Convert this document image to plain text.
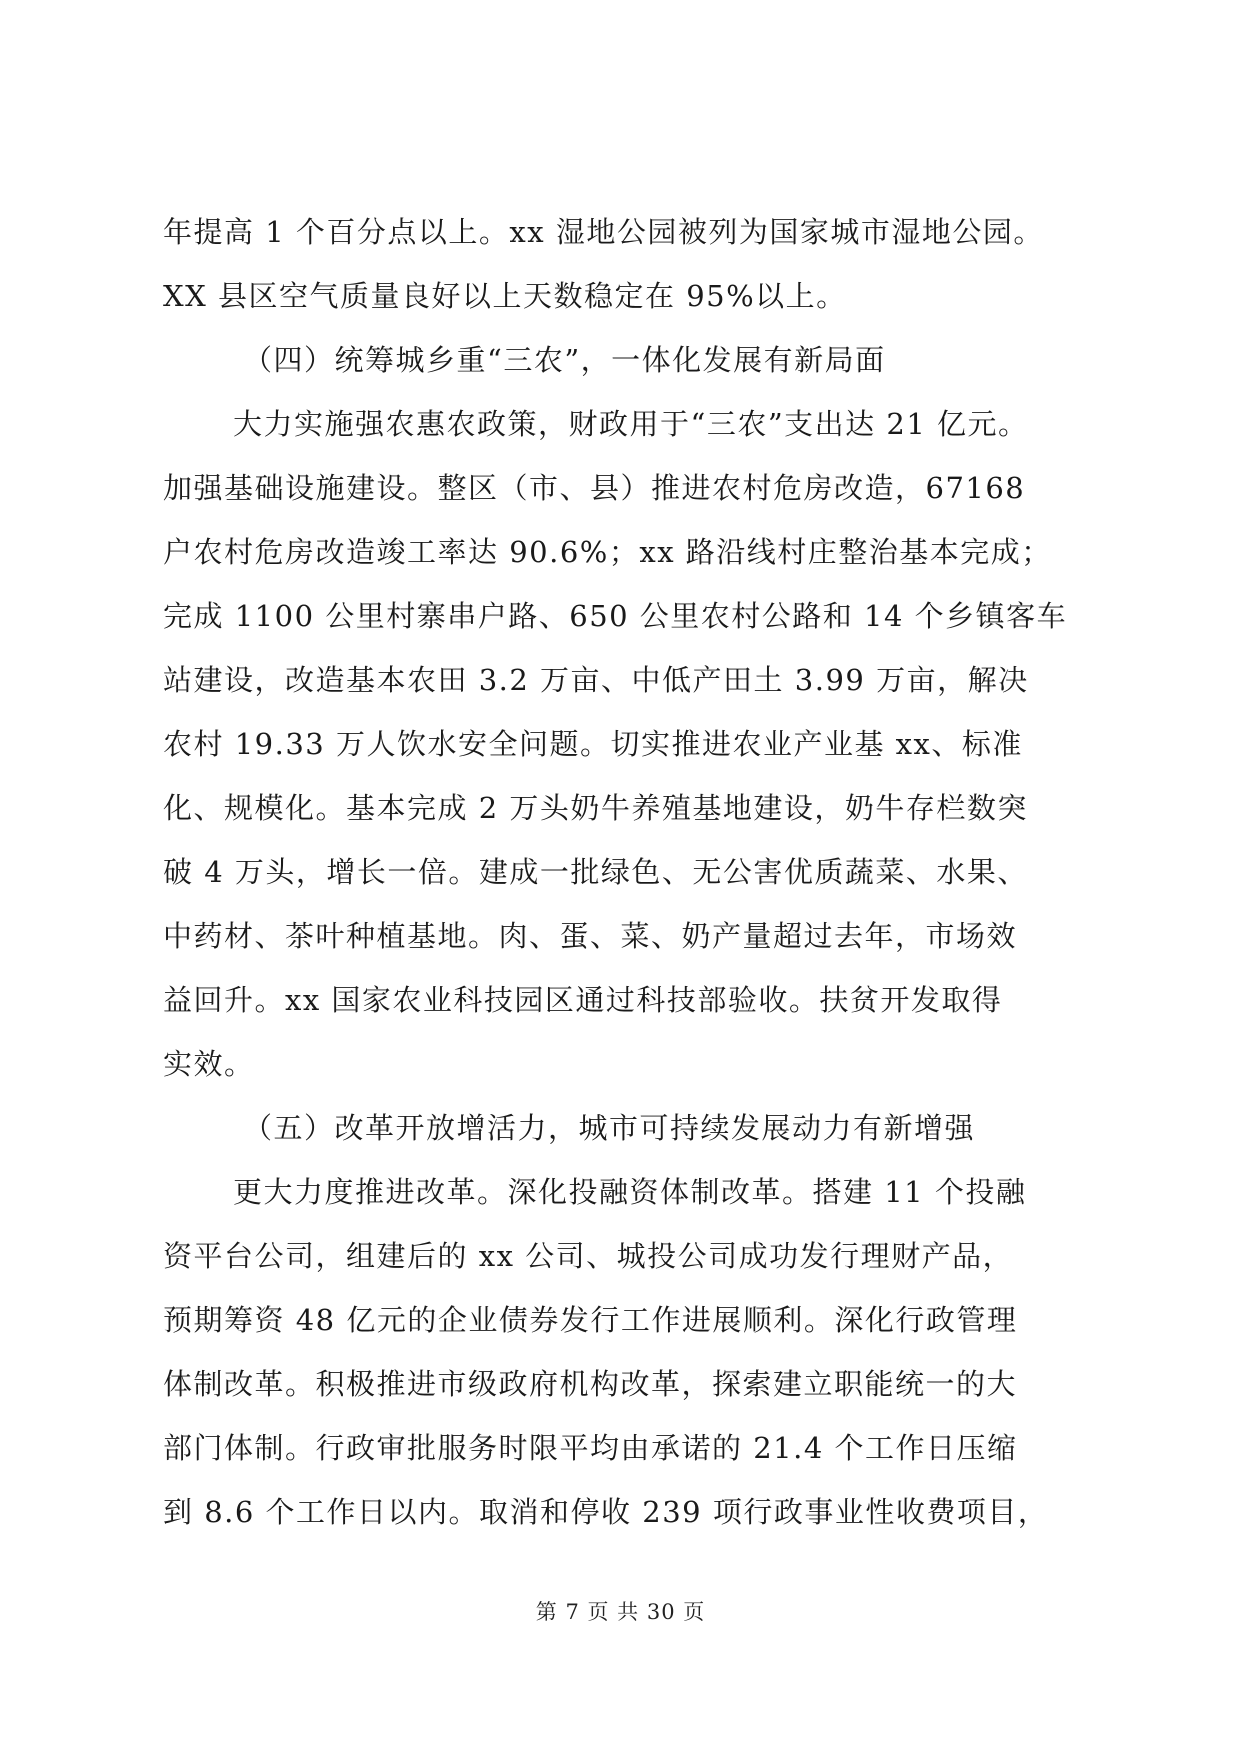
年提高 1 个百分点以上。xx 湿地公园被列为国家城市湿地公园。
XX 县区空气质量良好以上天数稳定在 95%以上。
（四）统筹城乡重“三农”，一体化发展有新局面
大力实施强农惠农政策，财政用于“三农”支出达 21 亿元。
加强基础设施建设。整区（市、县）推进农村危房改造，67168
户农村危房改造竣工率达 90.6%；xx 路沿线村庄整治基本完成；
完成 1100 公里村寨串户路、650 公里农村公路和 14 个乡镇客车
站建设，改造基本农田 3.2 万亩、中低产田土 3.99 万亩，解决
农村 19.33 万人饮水安全问题。切实推进农业产业基 xx、标准
化、规模化。基本完成 2 万头奶牛养殖基地建设，奶牛存栏数突
破 4 万头，增长一倍。建成一批绿色、无公害优质蔬菜、水果、
中药材、茶叶种植基地。肉、蛋、菜、奶产量超过去年，市场效
益回升。xx 国家农业科技园区通过科技部验收。扶贫开发取得
实效。
（五）改革开放增活力，城市可持续发展动力有新增强
更大力度推进改革。深化投融资体制改革。搭建 11 个投融
资平台公司，组建后的 xx 公司、城投公司成功发行理财产品，
预期筹资 48 亿元的企业债券发行工作进展顺利。深化行政管理
体制改革。积极推进市级政府机构改革，探索建立职能统一的大
部门体制。行政审批服务时限平均由承诺的 21.4 个工作日压缩
到 8.6 个工作日以内。取消和停收 239 项行政事业性收费项目，
第 7 页 共 30 页
